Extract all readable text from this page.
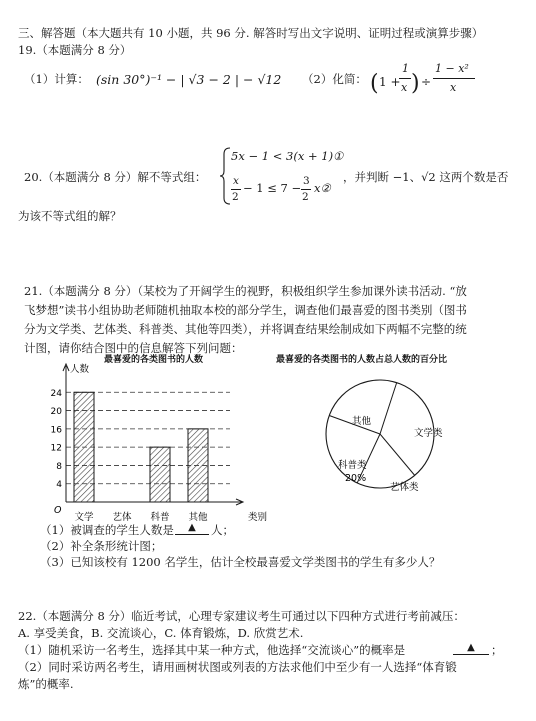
三、解答题（本大题共有 10 小题，共 96 分. 解答时写出文字说明、证明过程或演算步骤）
19.（本题满分 8 分）
（1）计算： (sin 30°)⁻¹ − | √3 − 2 | − √12 （2）化简： ( 1 +
1
x ) ÷
1 − x²
x
20.（本题满分 8 分）解不等式组：
5x − 1 < 3(x + 1)①
x
2
− 1 ≤ 7 − 3
2
x②
，并判断 −1、√2 这两个数是否
为该不等式组的解？
21.（本题满分 8 分）（某校为了开阔学生的视野，积极组织学生参加课外读书活动. “放
飞梦想”读书小组协助老师随机抽取本校的部分学生，调查他们最喜爱的图书类别（图书
分为文学类、艺体类、科普类、其他等四类），并将调查结果绘制成如下两幅不完整的统
计图，请你结合图中的信息解答下列问题：
最喜爱的各类图书的人数	最喜爱的各类图书的人数占总人数的百分比
4
8
12
16
20
24
人数
类别
O
文学 艺体 科普 其他
其他
文学类
艺体类
科普类
20%
（1）被调查的学生人数是	▲	人；
（2）补全条形统计图；
（3）已知该校有 1200 名学生，估计全校最喜爱文学类图书的学生有多少人？
22.（本题满分 8 分）临近考试，心理专家建议考生可通过以下四种方式进行考前减压：
A. 享受美食，B. 交流谈心，C. 体育锻炼，D. 欣赏艺术.
（1）随机采访一名考生，选择其中某一种方式，他选择“交流谈心”的概率是	▲	；
（2）同时采访两名考生，请用画树状图或列表的方法求他们中至少有一人选择“体育锻
炼”的概率.
